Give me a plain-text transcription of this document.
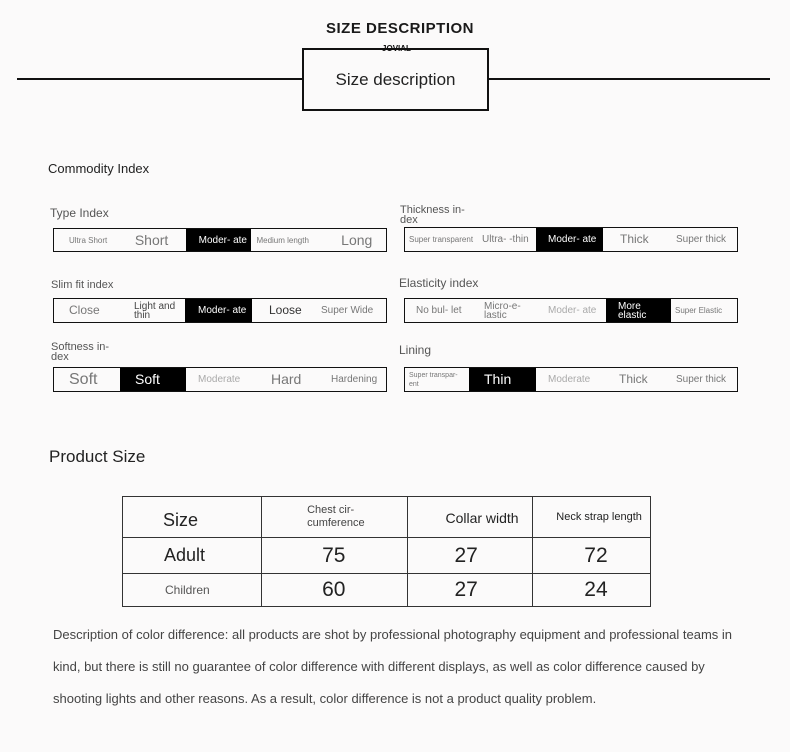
SIZE DESCRIPTION
Size description
JOVIAL
Commodity Index
Type Index
Ultra Short Short	Moder- ate Medium length Long
Thickness in- dex
Super transparent Ultra- -thin Moder- ate Thick	Super thick
Slim fit index
Close	Light and thin	Moder- ate Loose Super Wide
Elasticity index
No bul- let Micro-e- lastic	Moder- ate More elastic	Super Elastic
Softness in- dex
Soft	Soft	Moderate Hard	Hardening
Lining
Super transpar- ent	Thin	Moderate Thick	Super thick
Product Size
Size	Chest cir- cumference	Collar width	Neck strap length
Adult	75	27	72
Children	60	27	24
Description of color difference: all products are shot by professional photography equipment and professional teams in kind, but there is still no guarantee of color difference with different displays, as well as color difference caused by shooting lights and other reasons. As a result, color difference is not a product quality problem.
